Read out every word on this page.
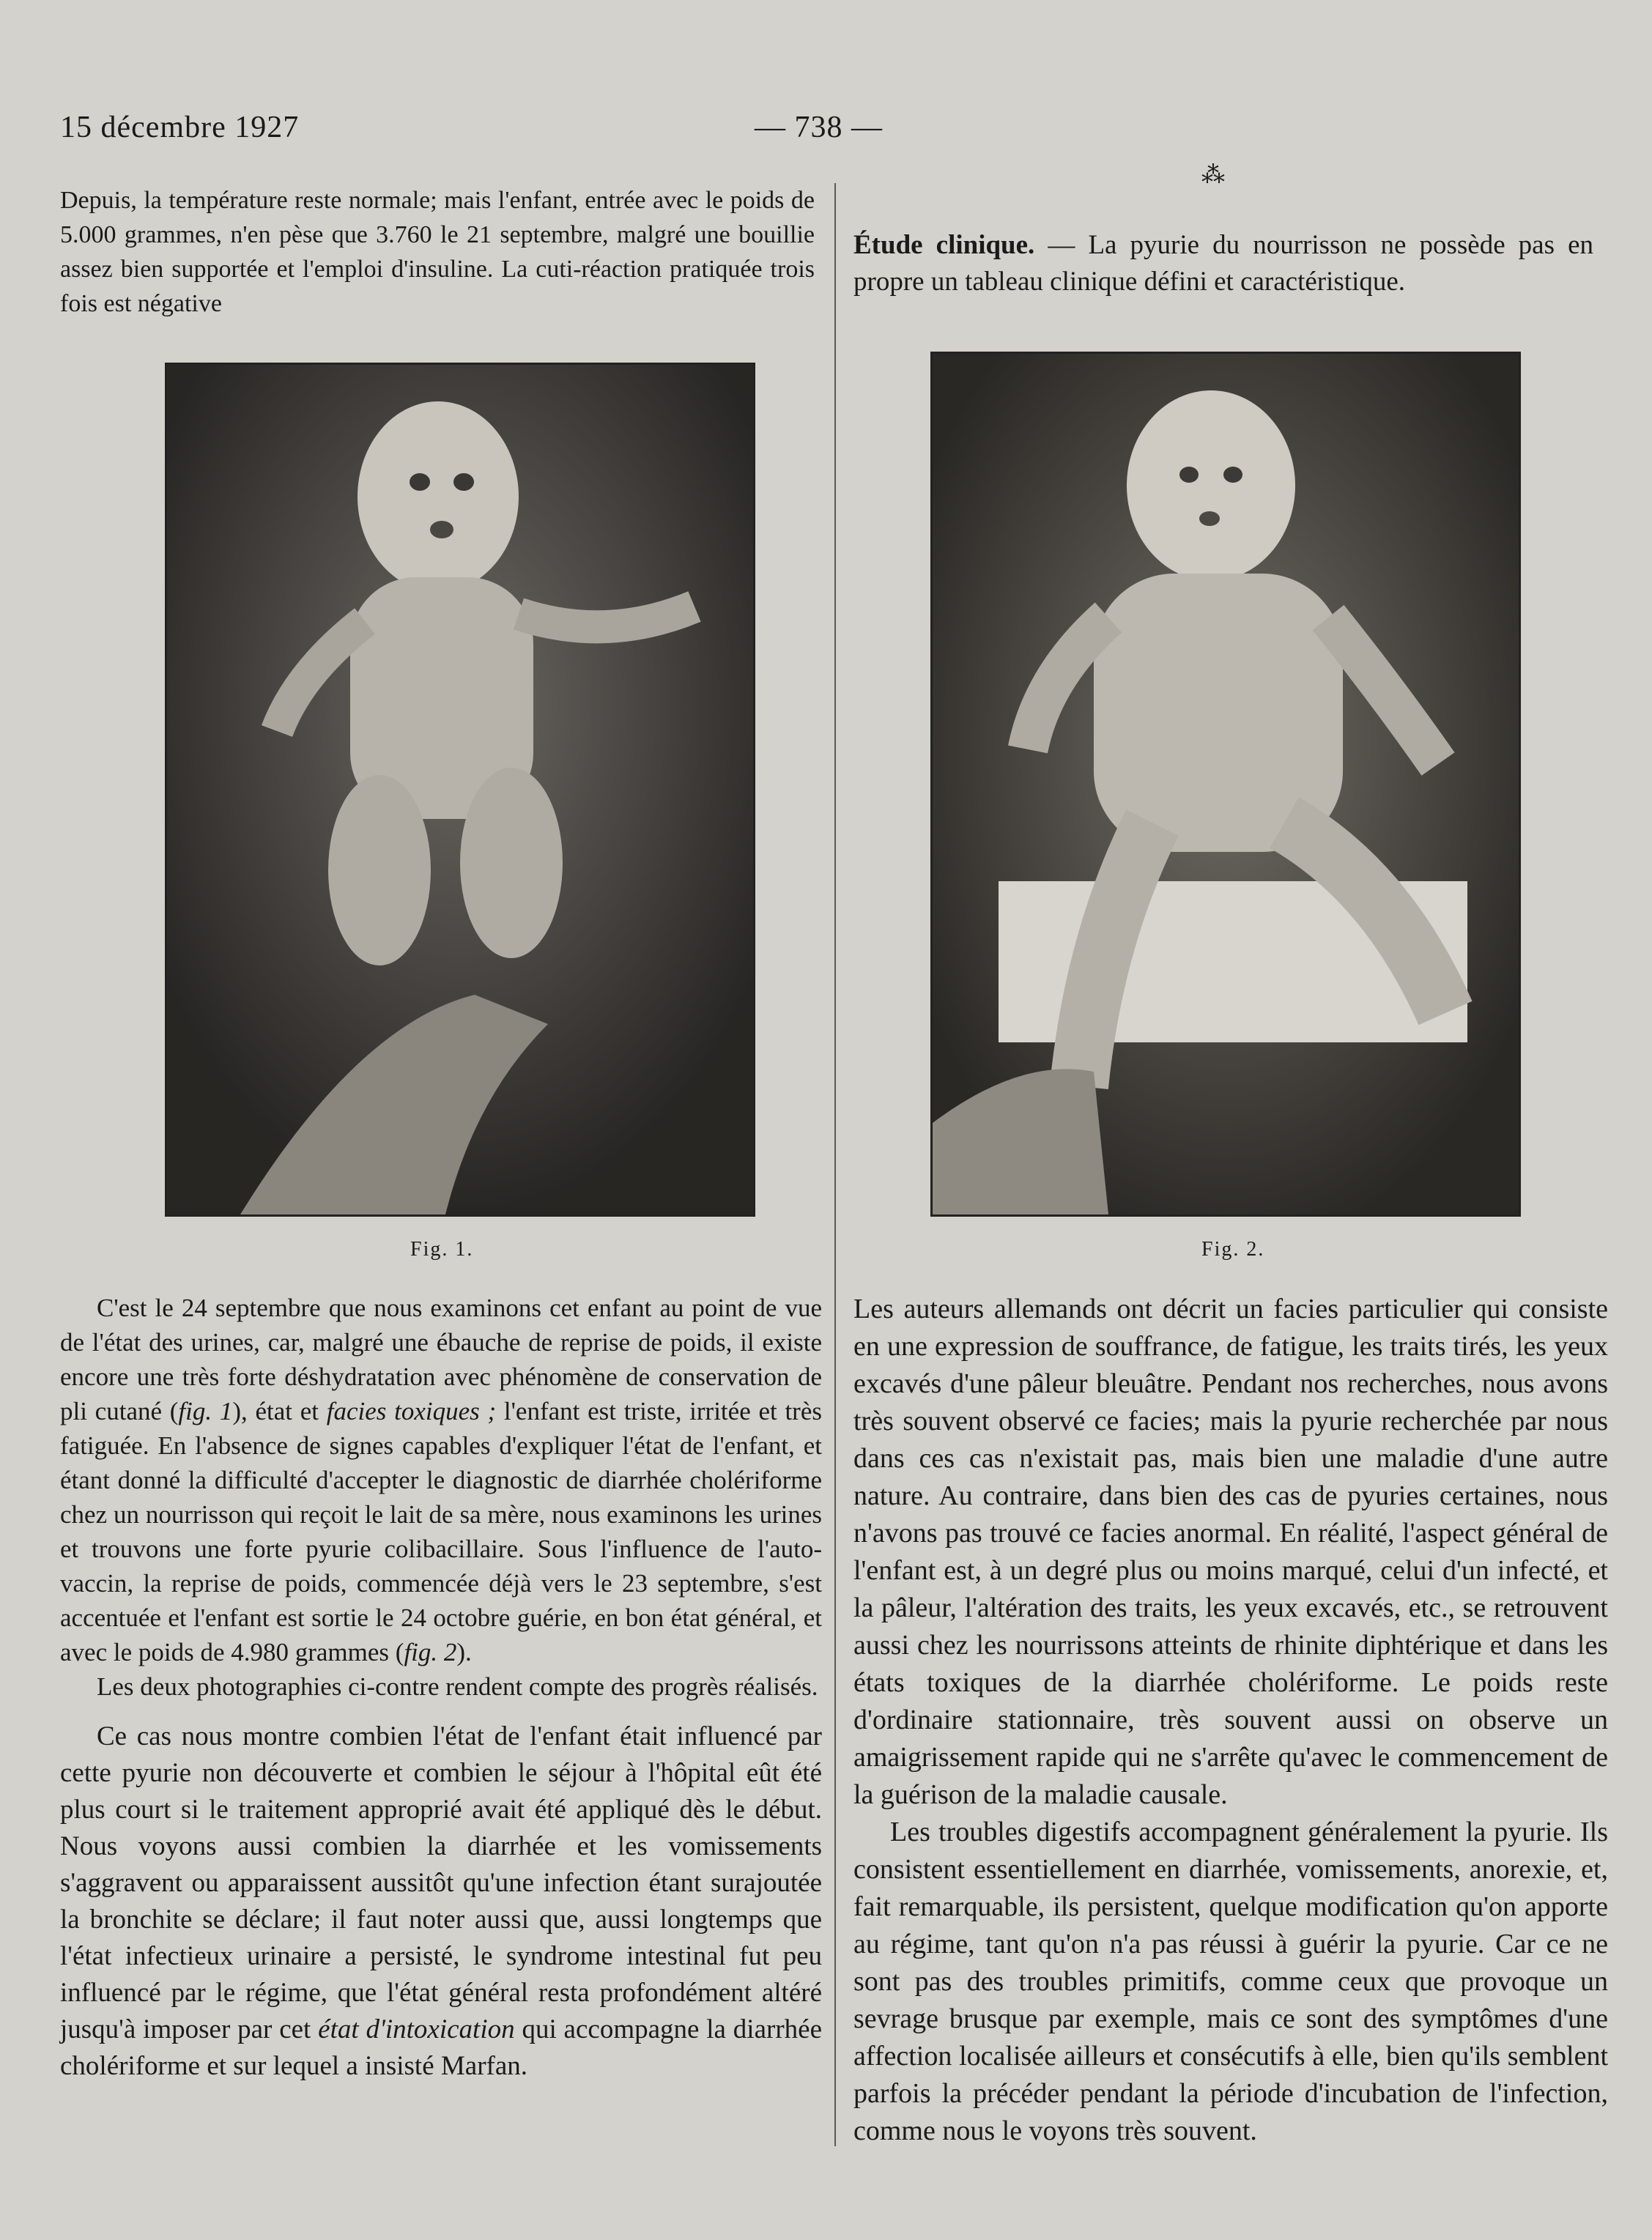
15 décembre 1927	— 738 —

Depuis, la température reste normale; mais l'enfant, entrée avec le poids de 5.000 grammes, n'en pèse que 3.760 le 21 septembre, malgré une bouillie assez bien supportée et l'emploi d'insuline. La cuti-réaction pratiquée trois fois est négative

⁂

Étude clinique. — La pyurie du nourrisson ne possède pas en propre un tableau clinique défini et caractéristique.

Fig. 1.	Fig. 2.

C'est le 24 septembre que nous examinons cet enfant au point de vue de l'état des urines, car, malgré une ébauche de reprise de poids, il existe encore une très forte déshydratation avec phénomène de conservation de pli cutané (fig. 1), état et facies toxiques ; l'enfant est triste, irritée et très fatiguée. En l'absence de signes capables d'expliquer l'état de l'enfant, et étant donné la difficulté d'accepter le diagnostic de diarrhée cholériforme chez un nourrisson qui reçoit le lait de sa mère, nous examinons les urines et trouvons une forte pyurie colibacillaire. Sous l'influence de l'auto-vaccin, la reprise de poids, commencée déjà vers le 23 septembre, s'est accentuée et l'enfant est sortie le 24 octobre guérie, en bon état général, et avec le poids de 4.980 grammes (fig. 2).

Les deux photographies ci-contre rendent compte des progrès réalisés.

Ce cas nous montre combien l'état de l'enfant était influencé par cette pyurie non découverte et combien le séjour à l'hôpital eût été plus court si le traitement approprié avait été appliqué dès le début. Nous voyons aussi combien la diarrhée et les vomissements s'aggravent ou apparaissent aussitôt qu'une infection étant surajoutée la bronchite se déclare; il faut noter aussi que, aussi longtemps que l'état infectieux urinaire a persisté, le syndrome intestinal fut peu influencé par le régime, que l'état général resta profondément altéré jusqu'à imposer par cet état d'intoxication qui accompagne la diarrhée cholériforme et sur lequel a insisté Marfan.

Les auteurs allemands ont décrit un facies particulier qui consiste en une expression de souffrance, de fatigue, les traits tirés, les yeux excavés d'une pâleur bleuâtre. Pendant nos recherches, nous avons très souvent observé ce facies; mais la pyurie recherchée par nous dans ces cas n'existait pas, mais bien une maladie d'une autre nature. Au contraire, dans bien des cas de pyuries certaines, nous n'avons pas trouvé ce facies anormal. En réalité, l'aspect général de l'enfant est, à un degré plus ou moins marqué, celui d'un infecté, et la pâleur, l'altération des traits, les yeux excavés, etc., se retrouvent aussi chez les nourrissons atteints de rhinite diphtérique et dans les états toxiques de la diarrhée cholériforme. Le poids reste d'ordinaire stationnaire, très souvent aussi on observe un amaigrissement rapide qui ne s'arrête qu'avec le commencement de la guérison de la maladie causale.

Les troubles digestifs accompagnent généralement la pyurie. Ils consistent essentiellement en diarrhée, vomissements, anorexie, et, fait remarquable, ils persistent, quelque modification qu'on apporte au régime, tant qu'on n'a pas réussi à guérir la pyurie. Car ce ne sont pas des troubles primitifs, comme ceux que provoque un sevrage brusque par exemple, mais ce sont des symptômes d'une affection localisée ailleurs et consécutifs à elle, bien qu'ils semblent parfois la précéder pendant la période d'incubation de l'infection, comme nous le voyons très souvent.
